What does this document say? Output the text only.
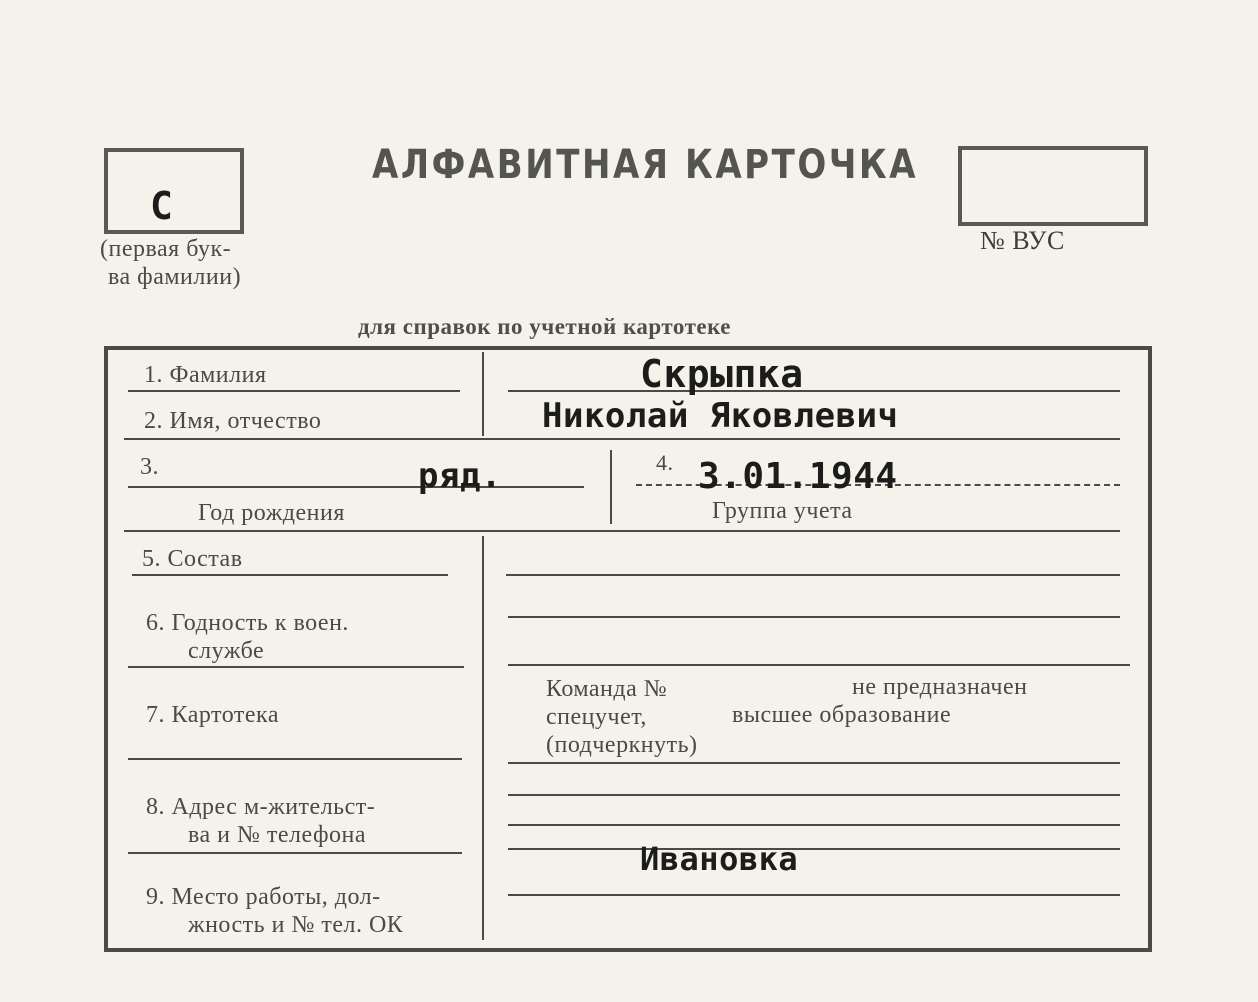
С
(первая бук-
ва фамилии)
АЛФАВИТНАЯ КАРТОЧКА
№ ВУС
для справок по учетной картотеке
1. Фамилия	Скрыпка
2. Имя, отчество	Николай Яковлевич
3.	ряд.
Год рождения
4. 3.01.1944
Группа учета
5. Состав
6. Годность к воен.
службе
7. Картотека
Команда №	не предназначен
спецучет,	высшее образование
(подчеркнуть)
8. Адрес м-жительст-
ва и № телефона
Ивановка
9. Место работы, дол-
жность и № тел. ОК
